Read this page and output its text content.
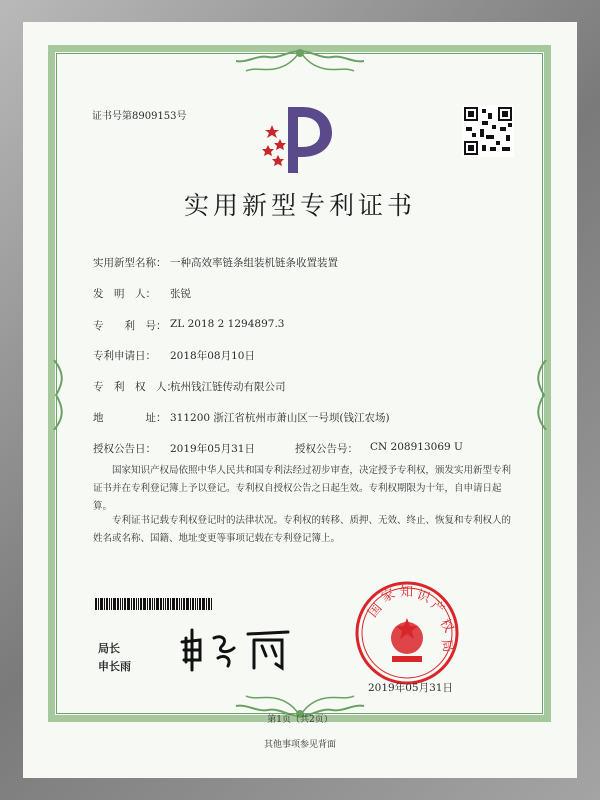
证书号第8909153号
实用新型专利证书
实用新型名称： 一种高效率链条组装机链条收置装置
发　明　人： 张锐
专　　利　号： ZL 2018 2 1294897.3
专利申请日： 2018年08月10日
专　利　权　人：
杭州钱江链传动有限公司
地　　　　址： 311200 浙江省杭州市萧山区一号坝(钱江农场)
授权公告日： 2019年05月31日	授权公告号： CN 208913069 U
国家知识产权局依照中华人民共和国专利法经过初步审查，决定授予专利权，颁发实用新型专利证书并在专利登记簿上予以登记。专利权自授权公告之日起生效。专利权期限为十年，自申请日起算。
专利证书记载专利权登记时的法律状况。专利权的转移、质押、无效、终止、恢复和专利权人的姓名或名称、国籍、地址变更等事项记载在专利登记簿上。
局长
申长雨
国
家 知 识
产
权
局
2019年05月31日
第1页（共2页）
其他事项参见背面
